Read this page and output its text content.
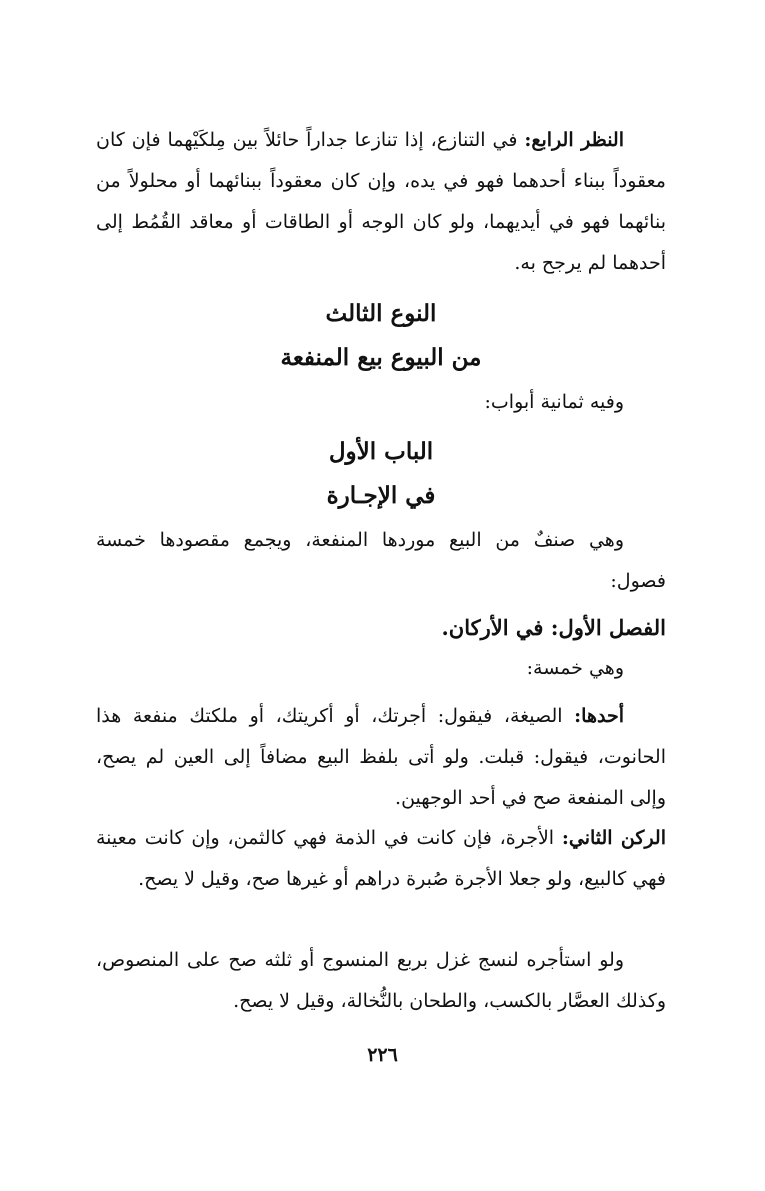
النظر الرابع: في التنازع، إذا تنازعا جداراً حائلاً بين مِلكَيْهما فإن كان معقوداً ببناء أحدهما فهو في يده، وإن كان معقوداً ببنائهما أو محلولاً من بنائهما فهو في أيديهما، ولو كان الوجه أو الطاقات أو معاقد القُمُط إلى أحدهما لم يرجح به.

النوع الثالث
من البيوع بيع المنفعة

وفيه ثمانية أبواب:

الباب الأول
في الإجـارة

وهي صنفٌ من البيع موردها المنفعة، ويجمع مقصودها خمسة فصول:

الفصل الأول: في الأركان.

وهي خمسة:

أحدها: الصيغة، فيقول: أجرتك، أو أكريتك، أو ملكتك منفعة هذا الحانوت، فيقول: قبلت. ولو أتى بلفظ البيع مضافاً إلى العين لم يصح، وإلى المنفعة صح في أحد الوجهين.

الركن الثاني: الأجرة، فإن كانت في الذمة فهي كالثمن، وإن كانت معينة فهي كالبيع، ولو جعلا الأجرة صُبرة دراهم أو غيرها صح، وقيل لا يصح.

ولو استأجره لنسج غزل بربع المنسوج أو ثلثه صح على المنصوص، وكذلك العصَّار بالكسب، والطحان بالنُّخالة، وقيل لا يصح.

٢٢٦
